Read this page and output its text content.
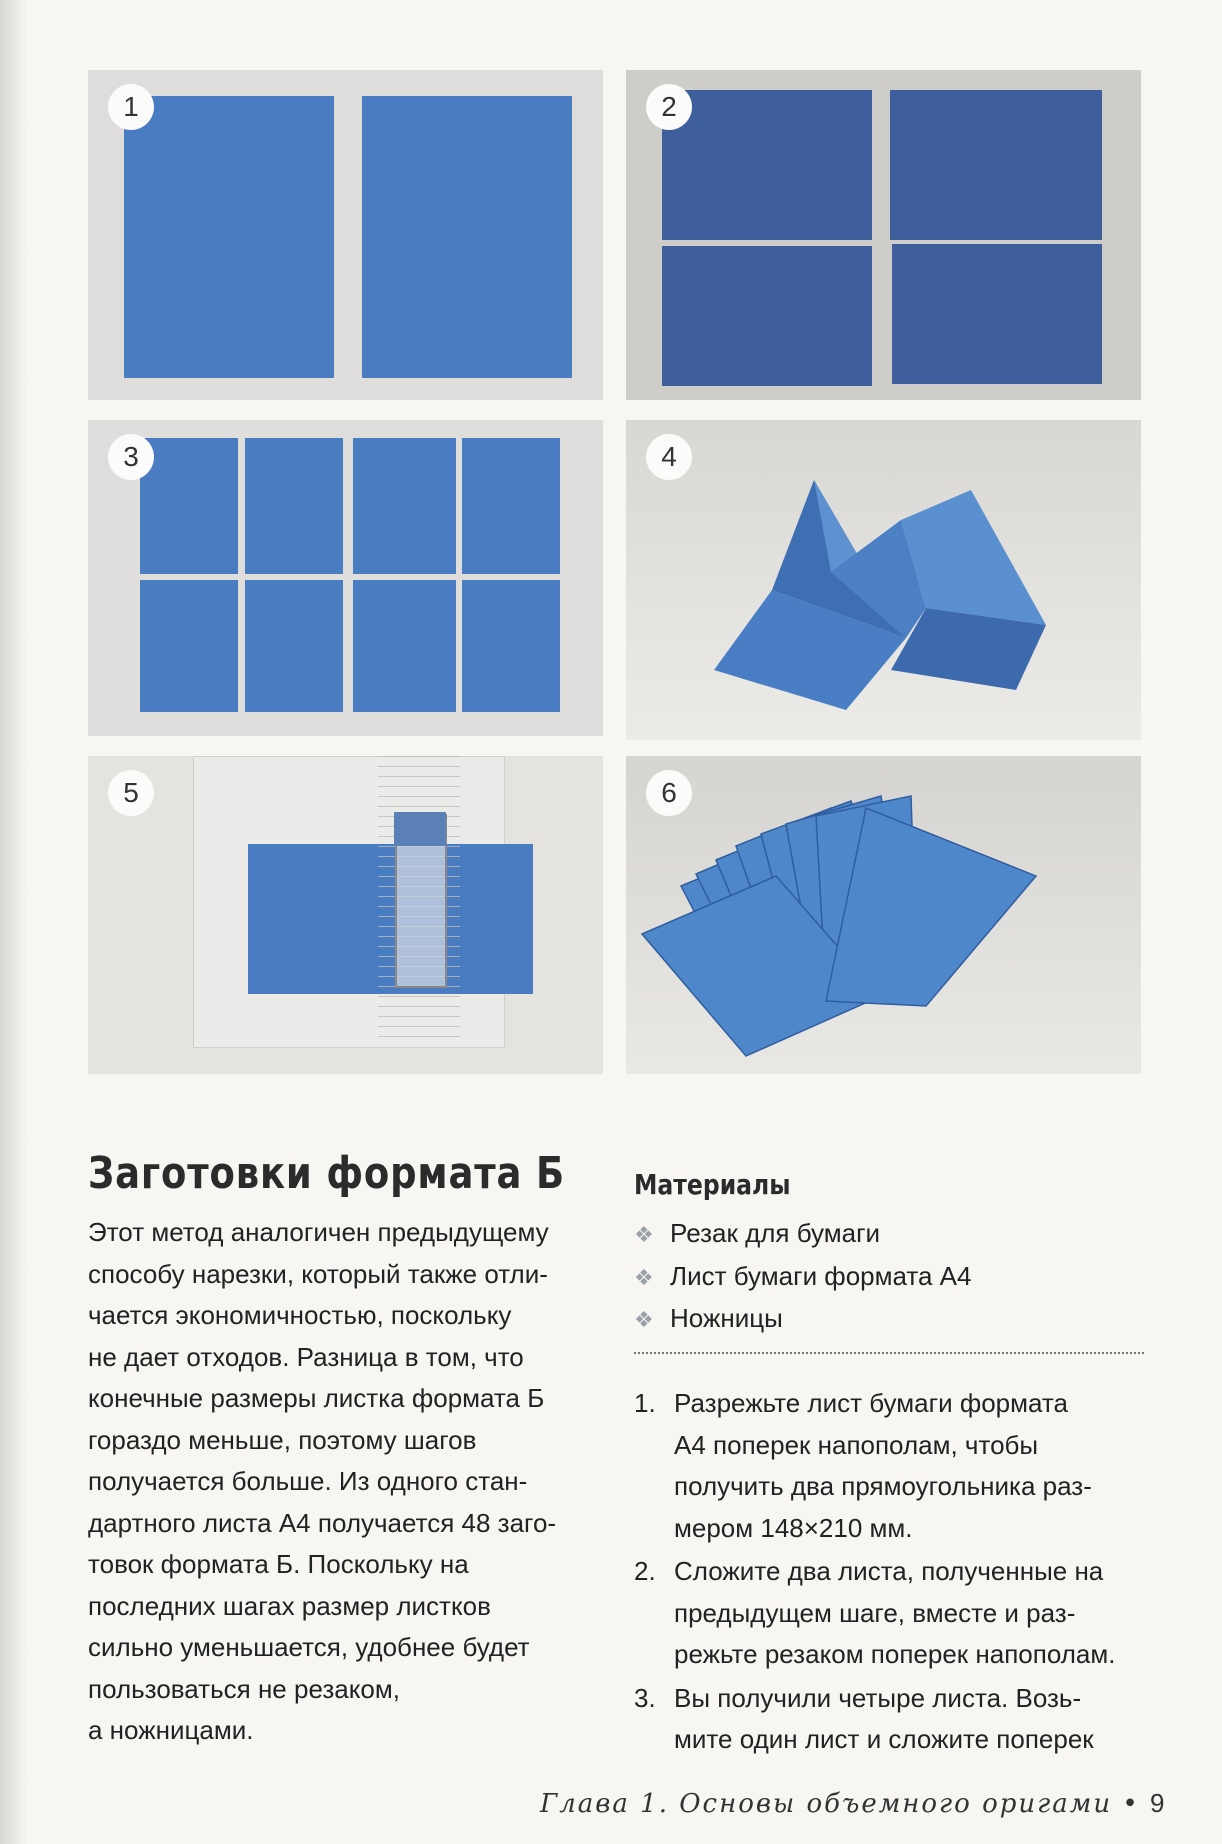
1	2
3	4
5	6
Заготовки формата Б
Этот метод аналогичен предыдущему
способу нарезки, который также отли-
чается экономичностью, поскольку
не дает отходов. Разница в том, что
конечные размеры листка формата Б
гораздо меньше, поэтому шагов
получается больше. Из одного стан-
дартного листа А4 получается 48 заго-
товок формата Б. Поскольку на
последних шагах размер листков
сильно уменьшается, удобнее будет
пользоваться не резаком,
а ножницами.
Материалы
❖ Резак для бумаги
❖ Лист бумаги формата А4
❖ Ножницы
1. Разрежьте лист бумаги формата
А4 поперек напополам, чтобы
получить два прямоугольника раз-
мером 148×210 мм.
2. Сложите два листа, полученные на
предыдущем шаге, вместе и раз-
режьте резаком поперек напополам.
3. Вы получили четыре листа. Возь-
мите один лист и сложите поперек
Глава 1. Основы объемного оригами • 9
